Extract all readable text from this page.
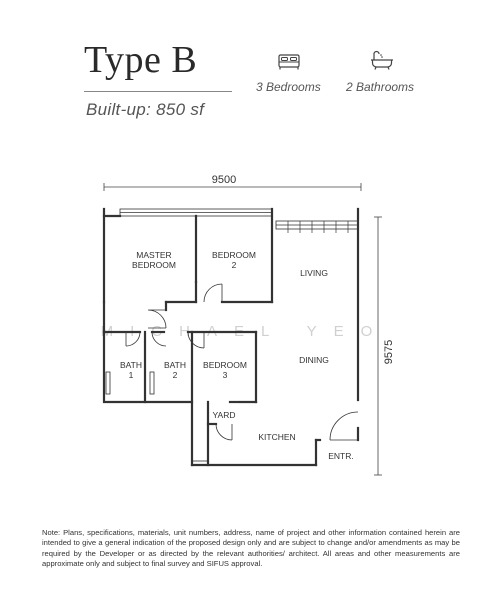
Type B
Built-up: 850 sf
3 Bedrooms 2 Bathrooms
9500
9575
MICHAEL YEO
MASTER
BEDROOM
BEDROOM
2
LIVING
DINING
BATH
1
BATH
2
BEDROOM
3
YARD
KITCHEN
ENTR.
Note: Plans, specifications, materials, unit numbers, address, name of project and other information contained herein are intended to give a general indication of the proposed design only and are subject to change and/or amendments as may be required by the Developer or as directed by the relevant authorities/ architect. All areas and other measurements are approximate only and subject to final survey and SIFUS approval.
